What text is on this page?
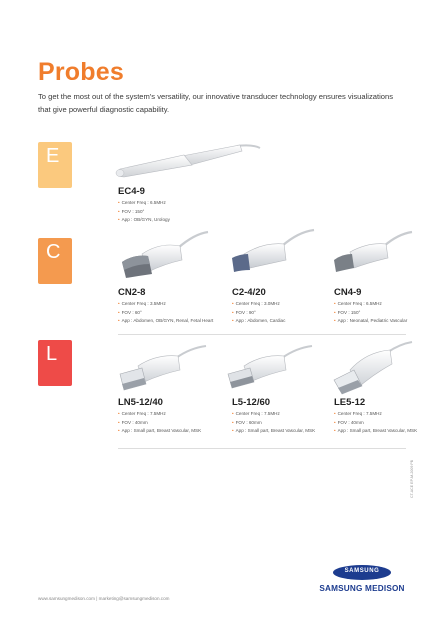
Probes

To get the most out of the system's versatility, our innovative transducer technology ensures visualizations that give powerful diagnostic capability.

E
C
L
EC4-9
• Center Freq : 6.5MHz
• FOV : 150°
• App : OB/GYN, Urology
CN2-8
• Center Freq : 3.5MHz
• FOV : 60°
• App : Abdomen, OB/GYN, Renal, Fetal Heart
C2-4/20
• Center Freq : 3.0MHz
• FOV : 90°
• App : Abdomen, Cardiac
CN4-9
• Center Freq : 6.5MHz
• FOV : 150°
• App : Neonatal, Pediatric Vascular
LN5-12/40
• Center Freq : 7.5MHz
• FOV : 40mm
• App : Small part, Breast Vascular, MSK
L5-12/60
• Center Freq : 7.5MHz
• FOV : 60mm
• App : Small part, Breast Vascular, MSK
LE5-12
• Center Freq : 7.5MHz
• FOV : 40mm
• App : Small part, Breast Vascular, MSK
CT-ACE EP-M-2009 PB
www.samsungmedison.com | marketing@samsungmedison.com
SAMSUNG
SAMSUNG MEDISON
